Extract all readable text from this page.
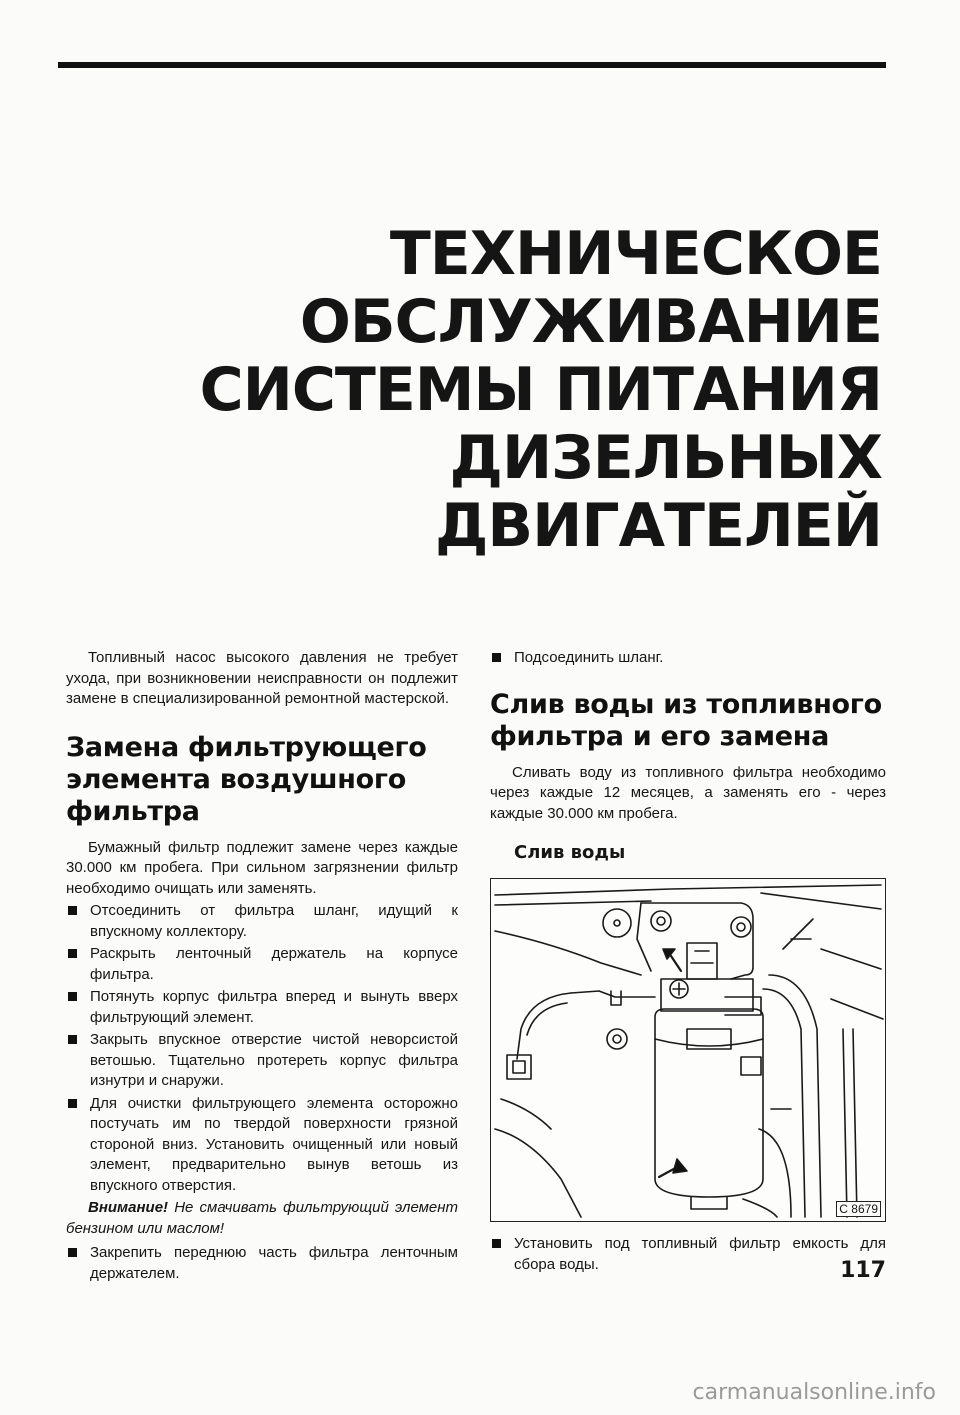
ТЕХНИЧЕСКОЕ
ОБСЛУЖИВАНИЕ
СИСТЕМЫ ПИТАНИЯ
ДИЗЕЛЬНЫХ ДВИГАТЕЛЕЙ

Топливный насос высокого давления не требует ухода, при возникновении неисправности он подлежит замене в специализированной ремонтной мастерской.

Замена фильтрующего элемента воздушного фильтра

Бумажный фильтр подлежит замене через каждые 30.000 км пробега. При сильном загрязнении фильтр необходимо очищать или заменять.

Отсоединить от фильтра шланг, идущий к впускному коллектору.
Раскрыть ленточный держатель на корпусе фильтра.
Потянуть корпус фильтра вперед и вынуть вверх фильтрующий элемент.
Закрыть впускное отверстие чистой неворсистой ветошью. Тщательно протереть корпус фильтра изнутри и снаружи.
Для очистки фильтрующего элемента осторожно постучать им по твердой поверхности грязной стороной вниз. Установить очищенный или новый элемент, предварительно вынув ветошь из впускного отверстия.

Внимание! Не смачивать фильтрующий элемент бензином или маслом!

Закрепить переднюю часть фильтра ленточным держателем.
Подсоединить шланг.
Слив воды из топливного фильтра и его замена

Сливать воду из топливного фильтра необходимо через каждые 12 месяцев, а заменять его - через каждые 30.000 км пробега.

Слив воды
C 8679
Установить под топливный фильтр емкость для сбора воды.	117

carmanualsonline.info
